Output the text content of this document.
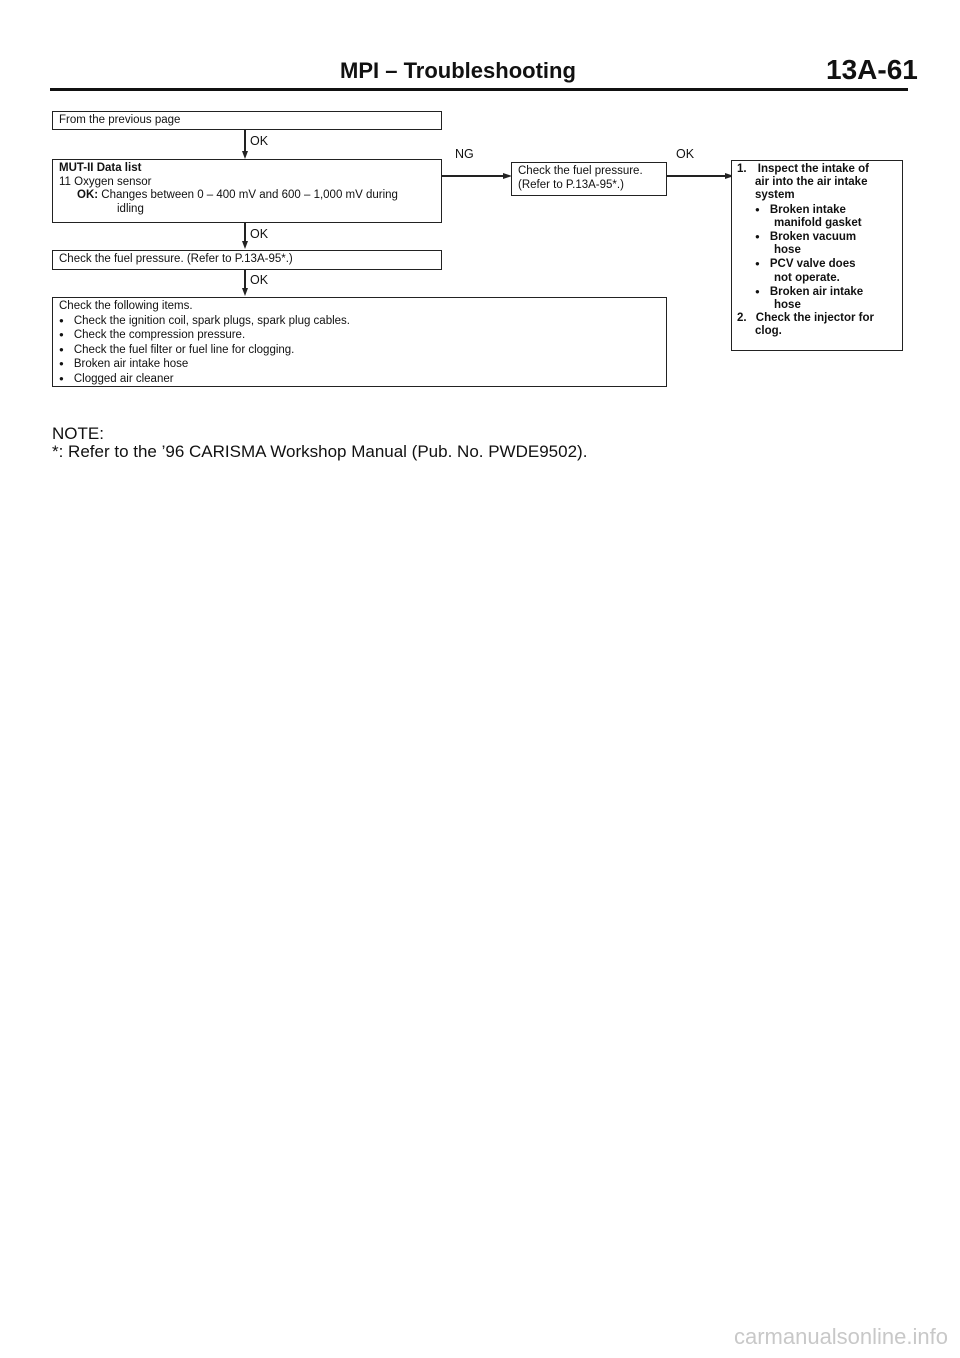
MPI – Troubleshooting	13A-61
From the previous page
OK
MUT-II Data list
11 Oxygen sensor
OK: Changes between 0 – 400 mV and 600 – 1,000 mV during
idling
NG
Check the fuel pressure.
(Refer to P.13A-95*.)
OK
OK
Check the fuel pressure. (Refer to P.13A-95*.)
OK
Check the following items.
● Check the ignition coil, spark plugs, spark plug cables.
● Check the compression pressure.
● Check the fuel filter or fuel line for clogging.
● Broken air intake hose
● Clogged air cleaner
1. Inspect the intake of
air into the air intake
system
● Broken intake
manifold gasket
● Broken vacuum
hose
● PCV valve does
not operate.
● Broken air intake
hose
2. Check the injector for
clog.
NOTE:
*: Refer to the ’96 CARISMA Workshop Manual (Pub. No. PWDE9502).
carmanualsonline.info
